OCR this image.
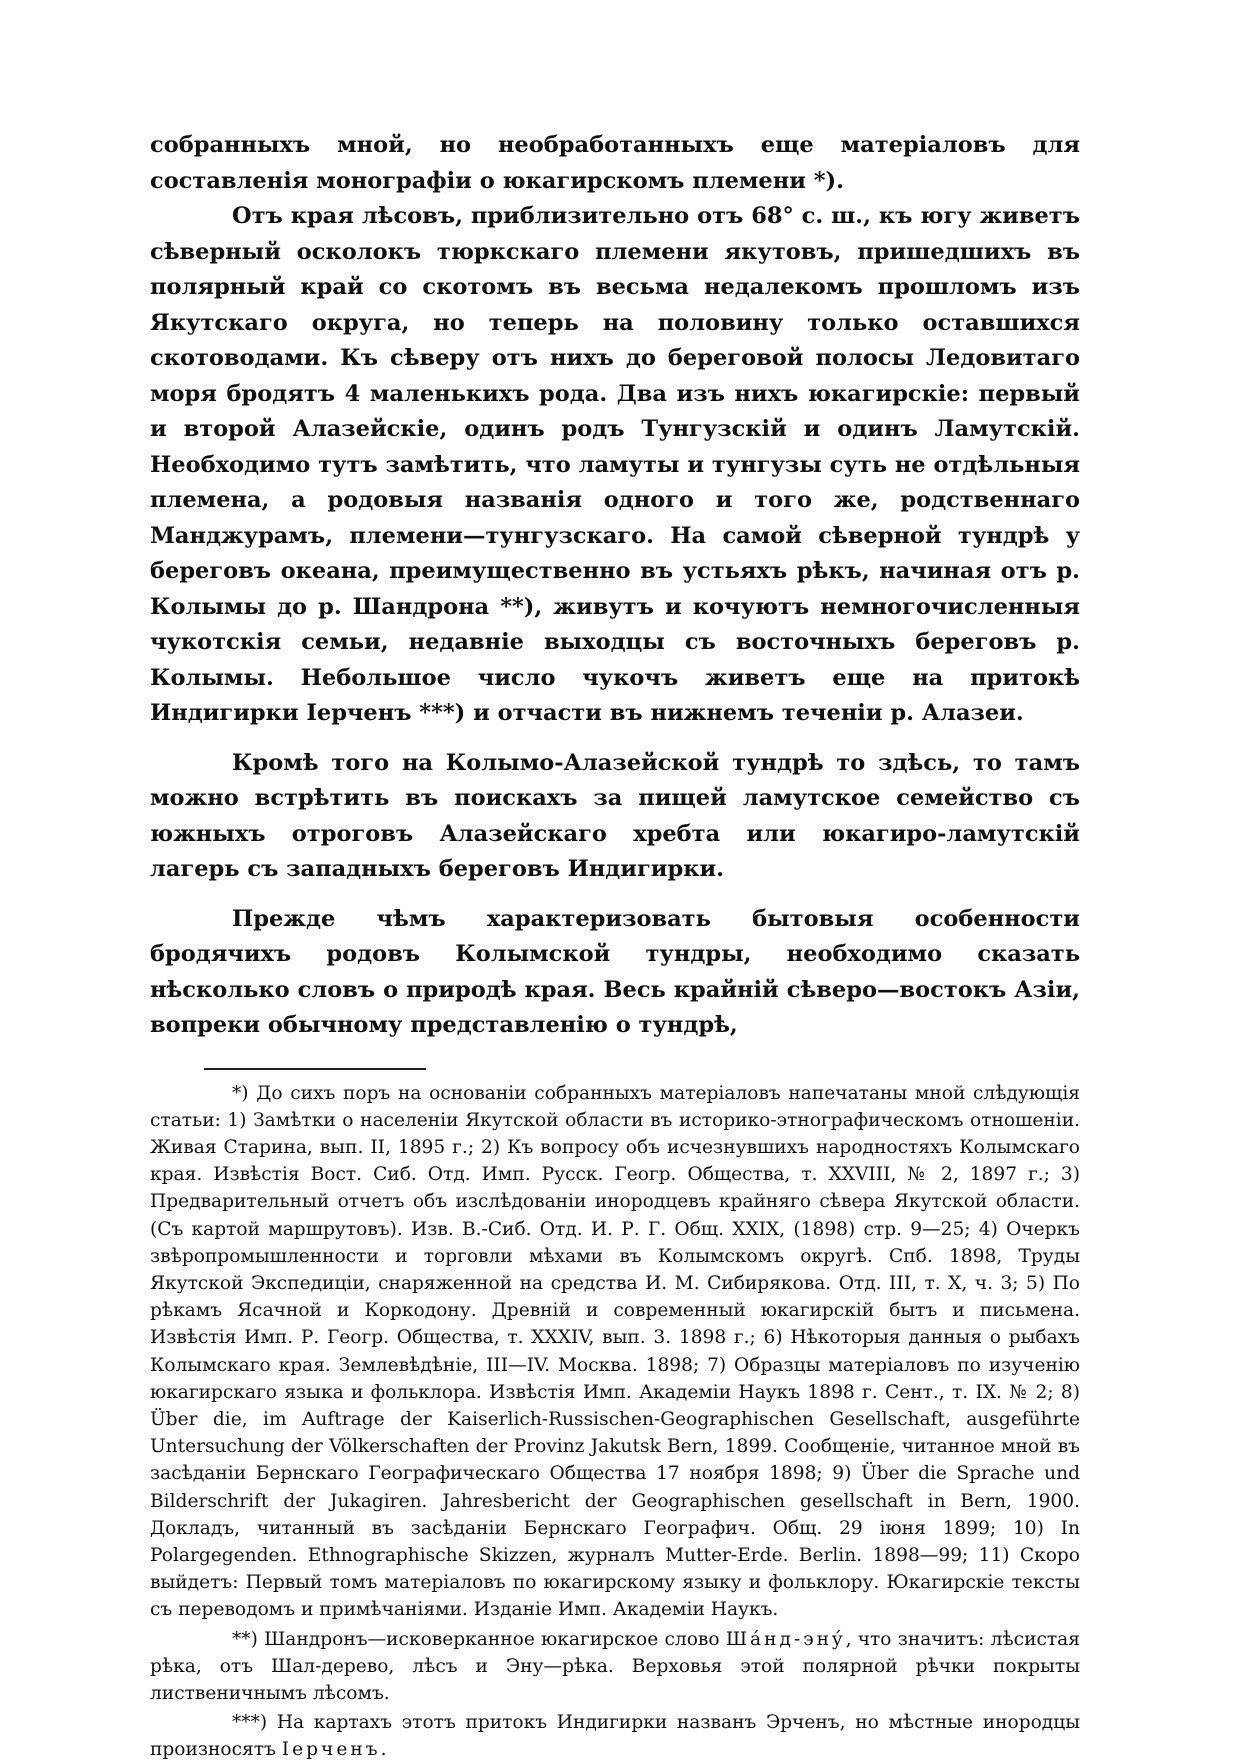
собранныхъ мной, но необработанныхъ еще матеріаловъ для составленія монографіи о юкагирскомъ племени *).

Отъ края лѣсовъ, приблизительно отъ 68° с. ш., къ югу живетъ сѣверный осколокъ тюркскаго племени якутовъ, пришедшихъ въ полярный край со скотомъ въ весьма недалекомъ прошломъ изъ Якутскаго округа, но теперь на половину только оставшихся скотоводами. Къ сѣверу отъ нихъ до береговой полосы Ледовитаго моря бродятъ 4 маленькихъ рода. Два изъ нихъ юкагирскіе: первый и второй Алазейскіе, одинъ родъ Тунгузскій и одинъ Ламутскій. Необходимо тутъ замѣтить, что ламуты и тунгузы суть не отдѣльныя племена, а родовыя названія одного и того же, родственнаго Манджурамъ, племени—тунгузскаго. На самой сѣверной тундрѣ у береговъ океана, преимущественно въ устьяхъ рѣкъ, начиная отъ р. Колымы до р. Шандрона **), живутъ и кочуютъ немногочисленныя чукотскія семьи, недавніе выходцы съ восточныхъ береговъ р. Колымы. Небольшое число чукочъ живетъ еще на притокѣ Индигирки Іерченъ ***) и отчасти въ нижнемъ теченіи р. Алазеи.

Кромѣ того на Колымо-Алазейской тундрѣ то здѣсь, то тамъ можно встрѣтить въ поискахъ за пищей ламутское семейство съ южныхъ отроговъ Алазейскаго хребта или юкагиро-ламутскій лагерь съ западныхъ береговъ Индигирки.

Прежде чѣмъ характеризовать бытовыя особенности бродячихъ родовъ Колымской тундры, необходимо сказать нѣсколько словъ о природѣ края. Весь крайній сѣверо—востокъ Азіи, вопреки обычному представленію о тундрѣ,

*) До сихъ поръ на основаніи собранныхъ матеріаловъ напечатаны мной слѣдующія статьи: 1) Замѣтки о населеніи Якутской области въ историко-этнографическомъ отношеніи. Живая Старина, вып. II, 1895 г.; 2) Къ вопросу объ исчезнувшихъ народностяхъ Колымскаго края. Извѣстія Вост. Сиб. Отд. Имп. Русск. Геогр. Общества, т. XXVIII, № 2, 1897 г.; 3) Предварительный отчетъ объ изслѣдованіи инородцевъ крайняго сѣвера Якутской области. (Съ картой маршрутовъ). Изв. В.-Сиб. Отд. И. Р. Г. Общ. XXIX, (1898) стр. 9—25; 4) Очеркъ звѣропромышленности и торговли мѣхами въ Колымскомъ округѣ. Спб. 1898, Труды Якутской Экспедиціи, снаряженной на средства И. М. Сибирякова. Отд. III, т. X, ч. 3; 5) По рѣкамъ Ясачной и Коркодону. Древній и современный юкагирскій бытъ и письмена. Извѣстія Имп. Р. Геогр. Общества, т. XXXIV, вып. 3. 1898 г.; 6) Нѣкоторыя данныя о рыбахъ Колымскаго края. Землевѣдѣніе, III—IV. Москва. 1898; 7) Образцы матеріаловъ по изученію юкагирскаго языка и фольклора. Извѣстія Имп. Академіи Наукъ 1898 г. Сент., т. IX. № 2; 8) Über die, im Auftrage der Kaiserlich-Russischen-Geographischen Gesellschaft, ausgeführte Untersuchung der Völkerschaften der Provinz Jakutsk Bern, 1899. Сообщеніе, читанное мной въ засѣданіи Бернскаго Географическаго Общества 17 ноября 1898; 9) Über die Sprache und Bilderschrift der Jukagiren. Jahresbericht der Geographischen gesellschaft in Bern, 1900. Докладъ, читанный въ засѣданіи Бернскаго Географич. Общ. 29 іюня 1899; 10) In Polargegenden. Ethnographische Skizzen, журналъ Mutter-Erde. Berlin. 1898—99; 11) Скоро выйдетъ: Первый томъ матеріаловъ по юкагирскому языку и фольклору. Юкагирскіе тексты съ переводомъ и примѣчаніями. Изданіе Имп. Академіи Наукъ.

**) Шандронъ—исковерканное юкагирское слово Шáнд-энý, что значитъ: лѣсистая рѣка, отъ Шал-дерево, лѣсъ и Эну—рѣка. Верховья этой полярной рѣчки покрыты лиственичнымъ лѣсомъ.

***) На картахъ этотъ притокъ Индигирки названъ Эрченъ, но мѣстные инородцы произносятъ Іерченъ.
